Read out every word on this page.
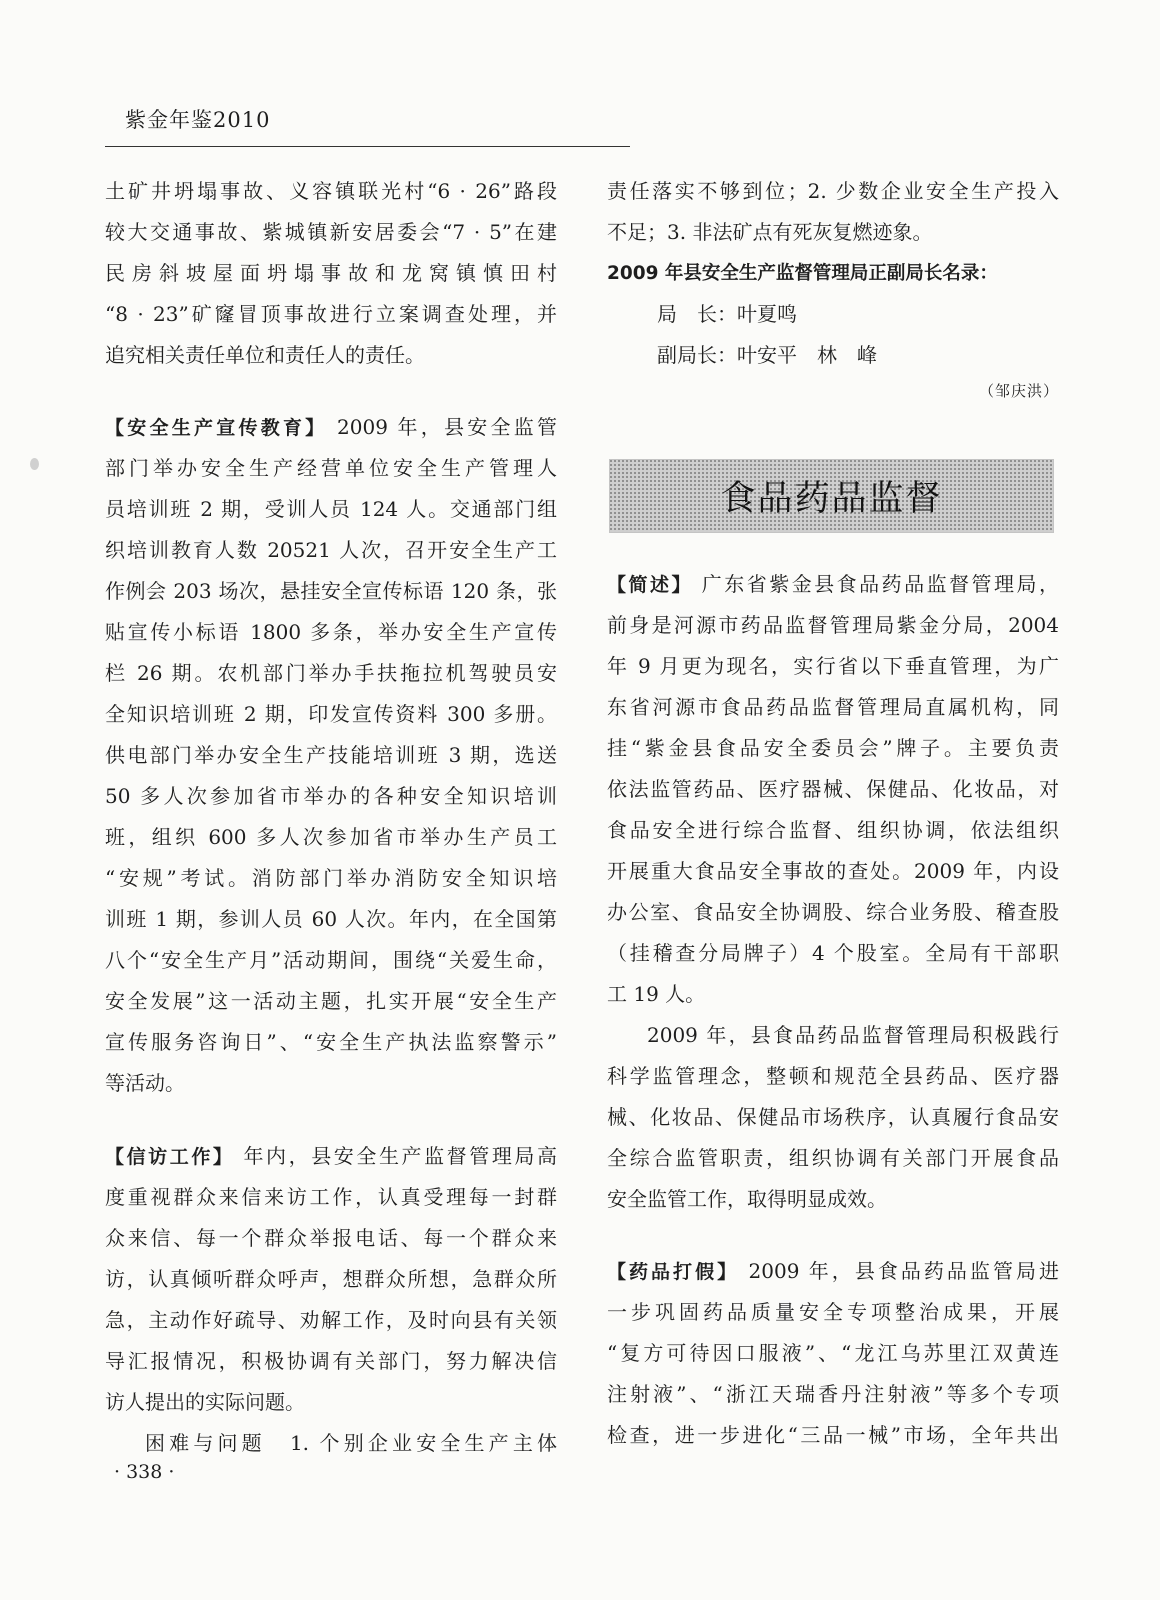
紫金年鉴2010
土矿井坍塌事故、义容镇联光村“6 · 26”路段
较大交通事故、紫城镇新安居委会“7 · 5”在建
民房斜坡屋面坍塌事故和龙窝镇慎田村
“8 · 23”矿窿冒顶事故进行立案调查处理，并
追究相关责任单位和责任人的责任。
【安全生产宣传教育】 2009 年，县安全监管
部门举办安全生产经营单位安全生产管理人
员培训班 2 期，受训人员 124 人。交通部门组
织培训教育人数 20521 人次，召开安全生产工
作例会 203 场次，悬挂安全宣传标语 120 条，张
贴宣传小标语 1800 多条，举办安全生产宣传
栏 26 期。农机部门举办手扶拖拉机驾驶员安
全知识培训班 2 期，印发宣传资料 300 多册。
供电部门举办安全生产技能培训班 3 期，选送
50 多人次参加省市举办的各种安全知识培训
班，组织 600 多人次参加省市举办生产员工
“安规”考试。消防部门举办消防安全知识培
训班 1 期，参训人员 60 人次。年内，在全国第
八个“安全生产月”活动期间，围绕“关爱生命，
安全发展”这一活动主题，扎实开展“安全生产
宣传服务咨询日”、“安全生产执法监察警示”
等活动。
【信访工作】 年内，县安全生产监督管理局高
度重视群众来信来访工作，认真受理每一封群
众来信、每一个群众举报电话、每一个群众来
访，认真倾听群众呼声，想群众所想，急群众所
急，主动作好疏导、劝解工作，及时向县有关领
导汇报情况，积极协调有关部门，努力解决信
访人提出的实际问题。
困难与问题　1. 个别企业安全生产主体
· 338 ·
责任落实不够到位；2. 少数企业安全生产投入
不足；3. 非法矿点有死灰复燃迹象。
2009 年县安全生产监督管理局正副局长名录：
局　长：叶夏鸣
副局长：叶安平　林　峰
（邹庆洪）
【简述】 广东省紫金县食品药品监督管理局，
前身是河源市药品监督管理局紫金分局，2004
年 9 月更为现名，实行省以下垂直管理，为广
东省河源市食品药品监督管理局直属机构，同
挂“紫金县食品安全委员会”牌子。主要负责
依法监管药品、医疗器械、保健品、化妆品，对
食品安全进行综合监督、组织协调，依法组织
开展重大食品安全事故的查处。2009 年，内设
办公室、食品安全协调股、综合业务股、稽查股
（挂稽查分局牌子）4 个股室。全局有干部职
工 19 人。
2009 年，县食品药品监督管理局积极践行
科学监管理念，整顿和规范全县药品、医疗器
械、化妆品、保健品市场秩序，认真履行食品安
全综合监管职责，组织协调有关部门开展食品
安全监管工作，取得明显成效。
【药品打假】 2009 年，县食品药品监管局进
一步巩固药品质量安全专项整治成果，开展
“复方可待因口服液”、“龙江乌苏里江双黄连
注射液”、“浙江天瑞香丹注射液”等多个专项
检查，进一步进化“三品一械”市场，全年共出
食品药品监督
